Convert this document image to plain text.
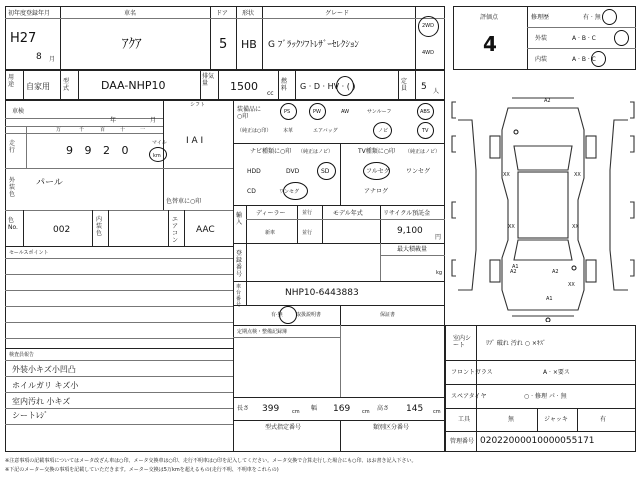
初年度登録年月
H27
8 月
車名
ｱｸｱ
ドア
5
形状
HB
グレード
G ﾌﾞﾗｯｸｿﾌﾄﾚｻﾞｰｾﾚｸｼｮﾝ
2WD
4WD
用途 自家用
型式	DAA-NHP10
排気量	1500
cc
燃料 G · D · HV · ( )
定員 5 人
評価点
4
修理歴	有 · 無
外装	A · B · C
内装	A · B · C
車検
年	月
万	千	百	十	一
走行	9 9 2 0
マイル
km
シフト
I A I
外装色
パール
色替車に○印
色No.	002
内装色
エアコン
AAC
セールスポイント
検査員報告
外装小キズ小凹凸
ホイルガリ キズ小
室内汚れ 小キズ
シートﾚｼﾞ
装備品に○印
（純正は○印）
PS	PW	AW	サンルーフ	ABS
本革	エアバッグ	ノビ	TV
ナビ種類に○印 （純正はノビ）
HDD	DVD	SD
CD	ワンセグ
TV種類に○印 （純正はノビ）
フルセグ	ワンセグ
アナログ
輸入
ディーラー	並行	モデル年式	リサイクル預託金
新車	並行	9,100
円
登録番号
最大積載量
kg
車台番号
NHP10-6443883
有·無	取扱説明書	保証書
定期点検・整備記録簿
長さ 399	cm 幅 169 cm 高さ 145 cm
型式指定番号	類別区分番号
A2
XX	XX
XX	XX
XX
A1
A2	A2
A1
室内シート	ﾘﾌﾟ 破れ 汚れ ○ ×ｷｽﾞ
フロントガラス	A · ×要ス
スペアタイヤ	○ · 修理 パ · 無
工具	無	ジャッキ	有
管理番号 02022000010000055171
※注意事項の記載事項についてはメータ改ざん車は○印、メータ交換車は○印、走行不明車は○印を記入してください。メータ交換で合算走行した場合にも○印、はお書き記入下さい。
※下記のメーター交換の事項を記載していただきます。メーター交換は5万kmを超えるもの(走行不明、不明車をこれらの)
